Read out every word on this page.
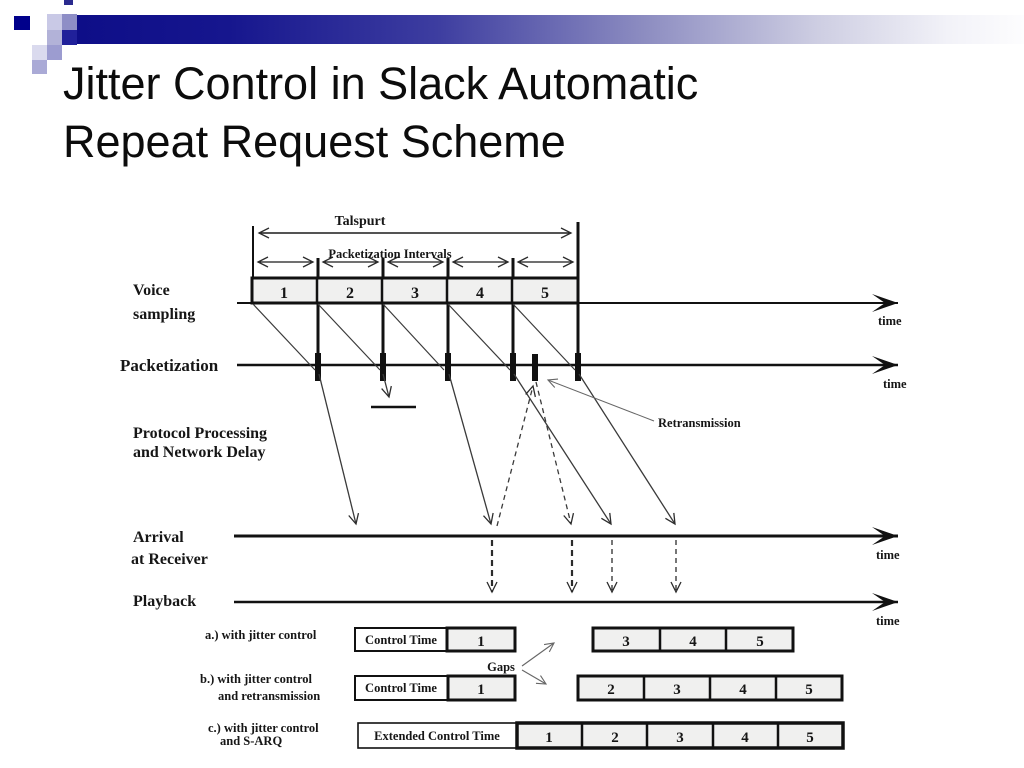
Jitter Control in Slack Automatic
Repeat Request Scheme
Talspurt
Packetization Intervals
1	2	3	4	5
time
time
time
time
Voice
sampling
Packetization
Protocol Processing
and Network Delay
Arrival
at Receiver
Playback
Retransmission
a.) with jitter control	Control Time	1	3	4	5
Gaps
b.) with jitter control
and retransmission
Control Time	1	2	3	4	5
c.) with jitter control
and S-ARQ	Extended Control Time	1	2	3	4	5
